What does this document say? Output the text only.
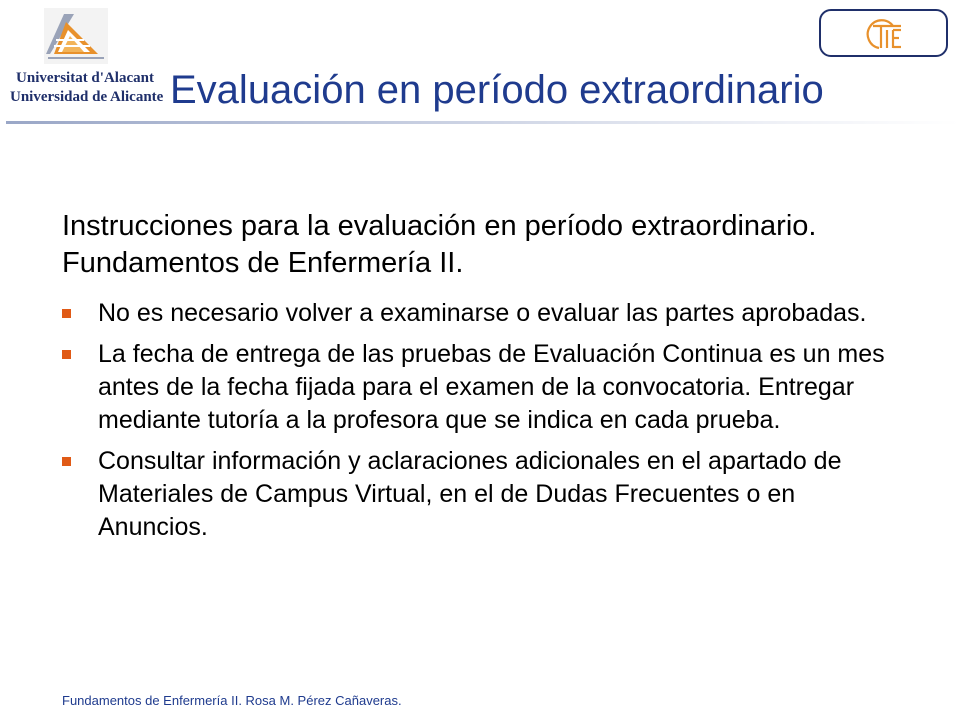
Universitat d'Alacant
Universidad de Alicante Evaluación en período extraordinario
Instrucciones para la evaluación en período extraordinario. Fundamentos de Enfermería II.
No es necesario volver a examinarse o evaluar las partes aprobadas.
La fecha de entrega de las pruebas de Evaluación Continua es un mes antes de la fecha fijada para el examen de la convocatoria. Entregar mediante tutoría a la profesora que se indica en cada prueba.
Consultar información y aclaraciones adicionales en el apartado de Materiales de Campus Virtual, en el de Dudas Frecuentes o en Anuncios.
Fundamentos de Enfermería II. Rosa M. Pérez Cañaveras.
